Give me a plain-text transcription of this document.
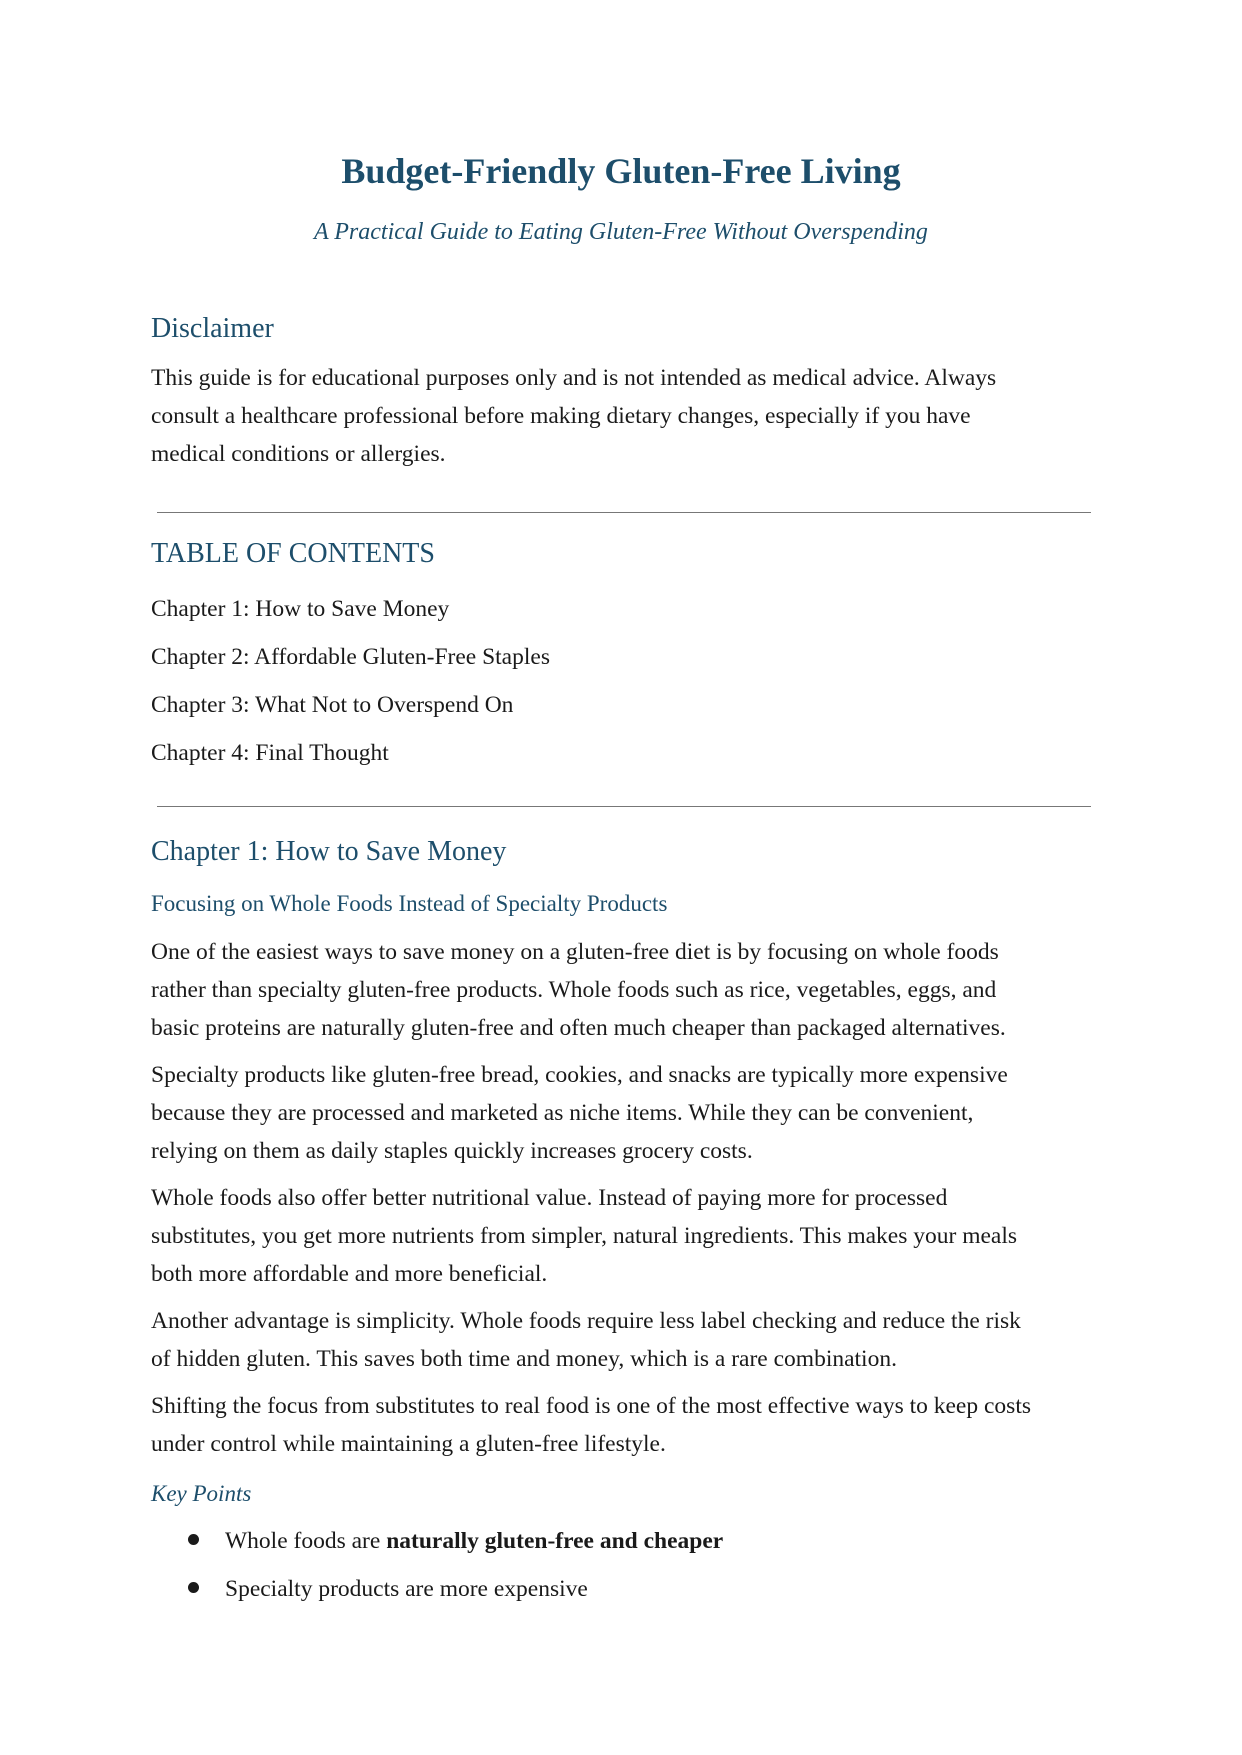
Budget-Friendly Gluten-Free Living

A Practical Guide to Eating Gluten-Free Without Overspending

Disclaimer

This guide is for educational purposes only and is not intended as medical advice. Always

consult a healthcare professional before making dietary changes, especially if you have

medical conditions or allergies.

TABLE OF CONTENTS

Chapter 1: How to Save Money

Chapter 2: Affordable Gluten-Free Staples

Chapter 3: What Not to Overspend On

Chapter 4: Final Thought

Chapter 1: How to Save Money
Focusing on Whole Foods Instead of Specialty Products

One of the easiest ways to save money on a gluten-free diet is by focusing on whole foods

rather than specialty gluten-free products. Whole foods such as rice, vegetables, eggs, and

basic proteins are naturally gluten-free and often much cheaper than packaged alternatives.

Specialty products like gluten-free bread, cookies, and snacks are typically more expensive

because they are processed and marketed as niche items. While they can be convenient,

relying on them as daily staples quickly increases grocery costs.

Whole foods also offer better nutritional value. Instead of paying more for processed

substitutes, you get more nutrients from simpler, natural ingredients. This makes your meals

both more affordable and more beneficial.

Another advantage is simplicity. Whole foods require less label checking and reduce the risk

of hidden gluten. This saves both time and money, which is a rare combination.

Shifting the focus from substitutes to real food is one of the most effective ways to keep costs

under control while maintaining a gluten-free lifestyle.

Key Points
Whole foods are naturally gluten-free and cheaper
Specialty products are more expensive
